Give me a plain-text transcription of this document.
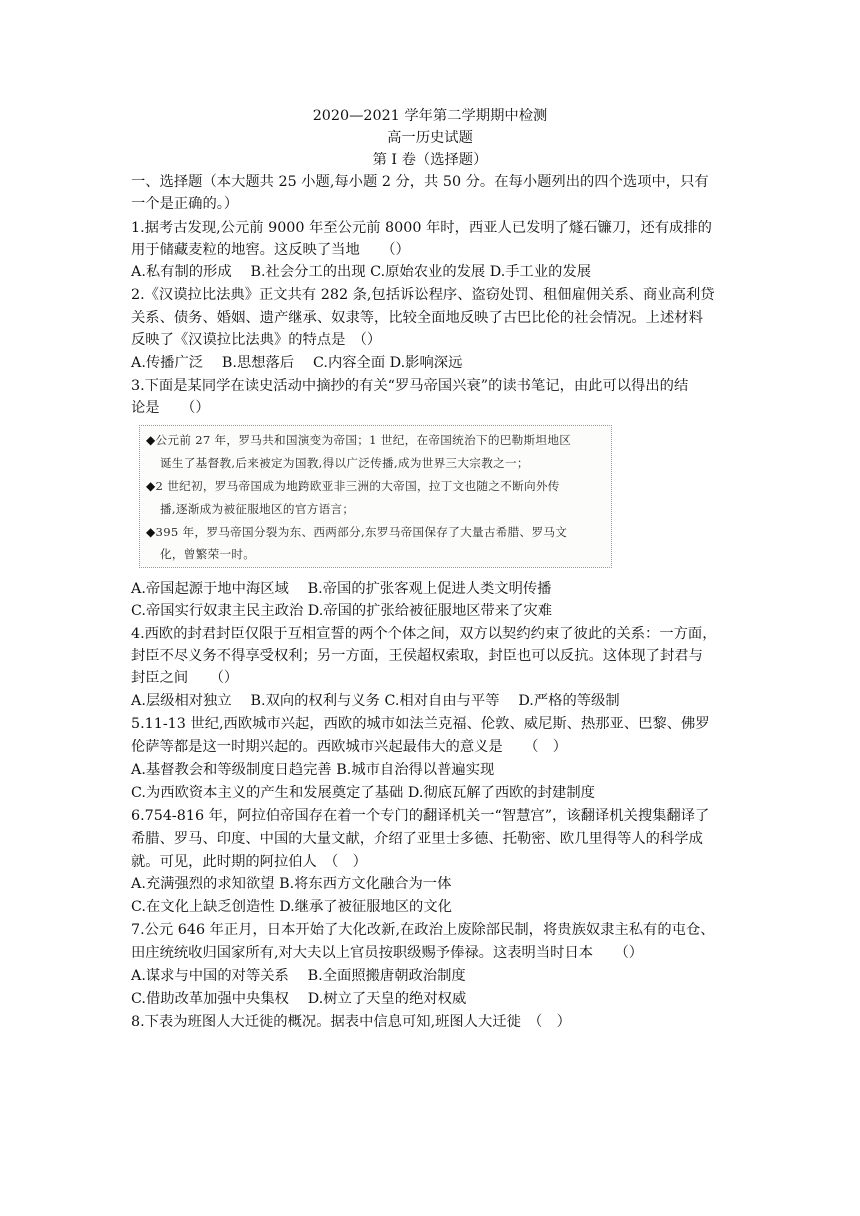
2020—2021 学年第二学期期中检测
高一历史试题
第 I 卷（选择题）
一、选择题（本大题共 25 小题,每小题 2 分，共 50 分。在每小题列出的四个选项中，只有
一个是正确的。）
1.据考古发现,公元前 9000 年至公元前 8000 年时，西亚人已发明了燧石镰刀，还有成排的
用于储藏麦粒的地窖。这反映了当地　　（）
A.私有制的形成　 B.社会分工的出现 C.原始农业的发展 D.手工业的发展
2.《汉谟拉比法典》正文共有 282 条,包括诉讼程序、盗窃处罚、租佃雇佣关系、商业高利贷
关系、债务、婚姻、遗产继承、奴隶等，比较全面地反映了古巴比伦的社会情况。上述材料
反映了《汉谟拉比法典》的特点是　（）
A.传播广泛　 B.思想落后　 C.内容全面 D.影响深远
3.下面是某同学在读史活动中摘抄的有关“罗马帝国兴衰”的读书笔记，由此可以得出的结
论是　　（）
◆公元前 27 年，罗马共和国演变为帝国；1 世纪，在帝国统治下的巴勒斯坦地区
诞生了基督教,后来被定为国教,得以广泛传播,成为世界三大宗教之一；
◆2 世纪初，罗马帝国成为地跨欧亚非三洲的大帝国，拉丁文也随之不断向外传
播,逐渐成为被征服地区的官方语言；
◆395 年，罗马帝国分裂为东、西两部分,东罗马帝国保存了大量古希腊、罗马文
化，曾繁荣一时。
A.帝国起源于地中海区域　 B.帝国的扩张客观上促进人类文明传播
C.帝国实行奴隶主民主政治 D.帝国的扩张给被征服地区带来了灾难
4.西欧的封君封臣仅限于互相宣誓的两个个体之间，双方以契约约束了彼此的关系：一方面，
封臣不尽义务不得享受权利；另一方面，王侯超权索取，封臣也可以反抗。这体现了封君与
封臣之间　　（）
A.层级相对独立　 B.双向的权利与义务 C.相对自由与平等　 D.严格的等级制
5.11-13 世纪,西欧城市兴起，西欧的城市如法兰克福、伦敦、威尼斯、热那亚、巴黎、佛罗
伦萨等都是这一时期兴起的。西欧城市兴起最伟大的意义是　　（　）
A.基督教会和等级制度日趋完善 B.城市自治得以普遍实现
C.为西欧资本主义的产生和发展奠定了基础 D.彻底瓦解了西欧的封建制度
6.754-816 年，阿拉伯帝国存在着一个专门的翻译机关一“智慧宫”，该翻译机关搜集翻译了
希腊、罗马、印度、中国的大量文献，介绍了亚里士多德、托勒密、欧几里得等人的科学成
就。可见，此时期的阿拉伯人　（　）
A.充满强烈的求知欲望 B.将东西方文化融合为一体
C.在文化上缺乏创造性 D.继承了被征服地区的文化
7.公元 646 年正月，日本开始了大化改新,在政治上废除部民制，将贵族奴隶主私有的屯仓、
田庄统统收归国家所有,对大夫以上官员按职级赐予俸禄。这表明当时日本　　（）
A.谋求与中国的对等关系　 B.全面照搬唐朝政治制度
C.借助改革加强中央集权　 D.树立了天皇的绝对权威
8.下表为班图人大迁徙的概况。据表中信息可知,班图人大迁徙　（　）
